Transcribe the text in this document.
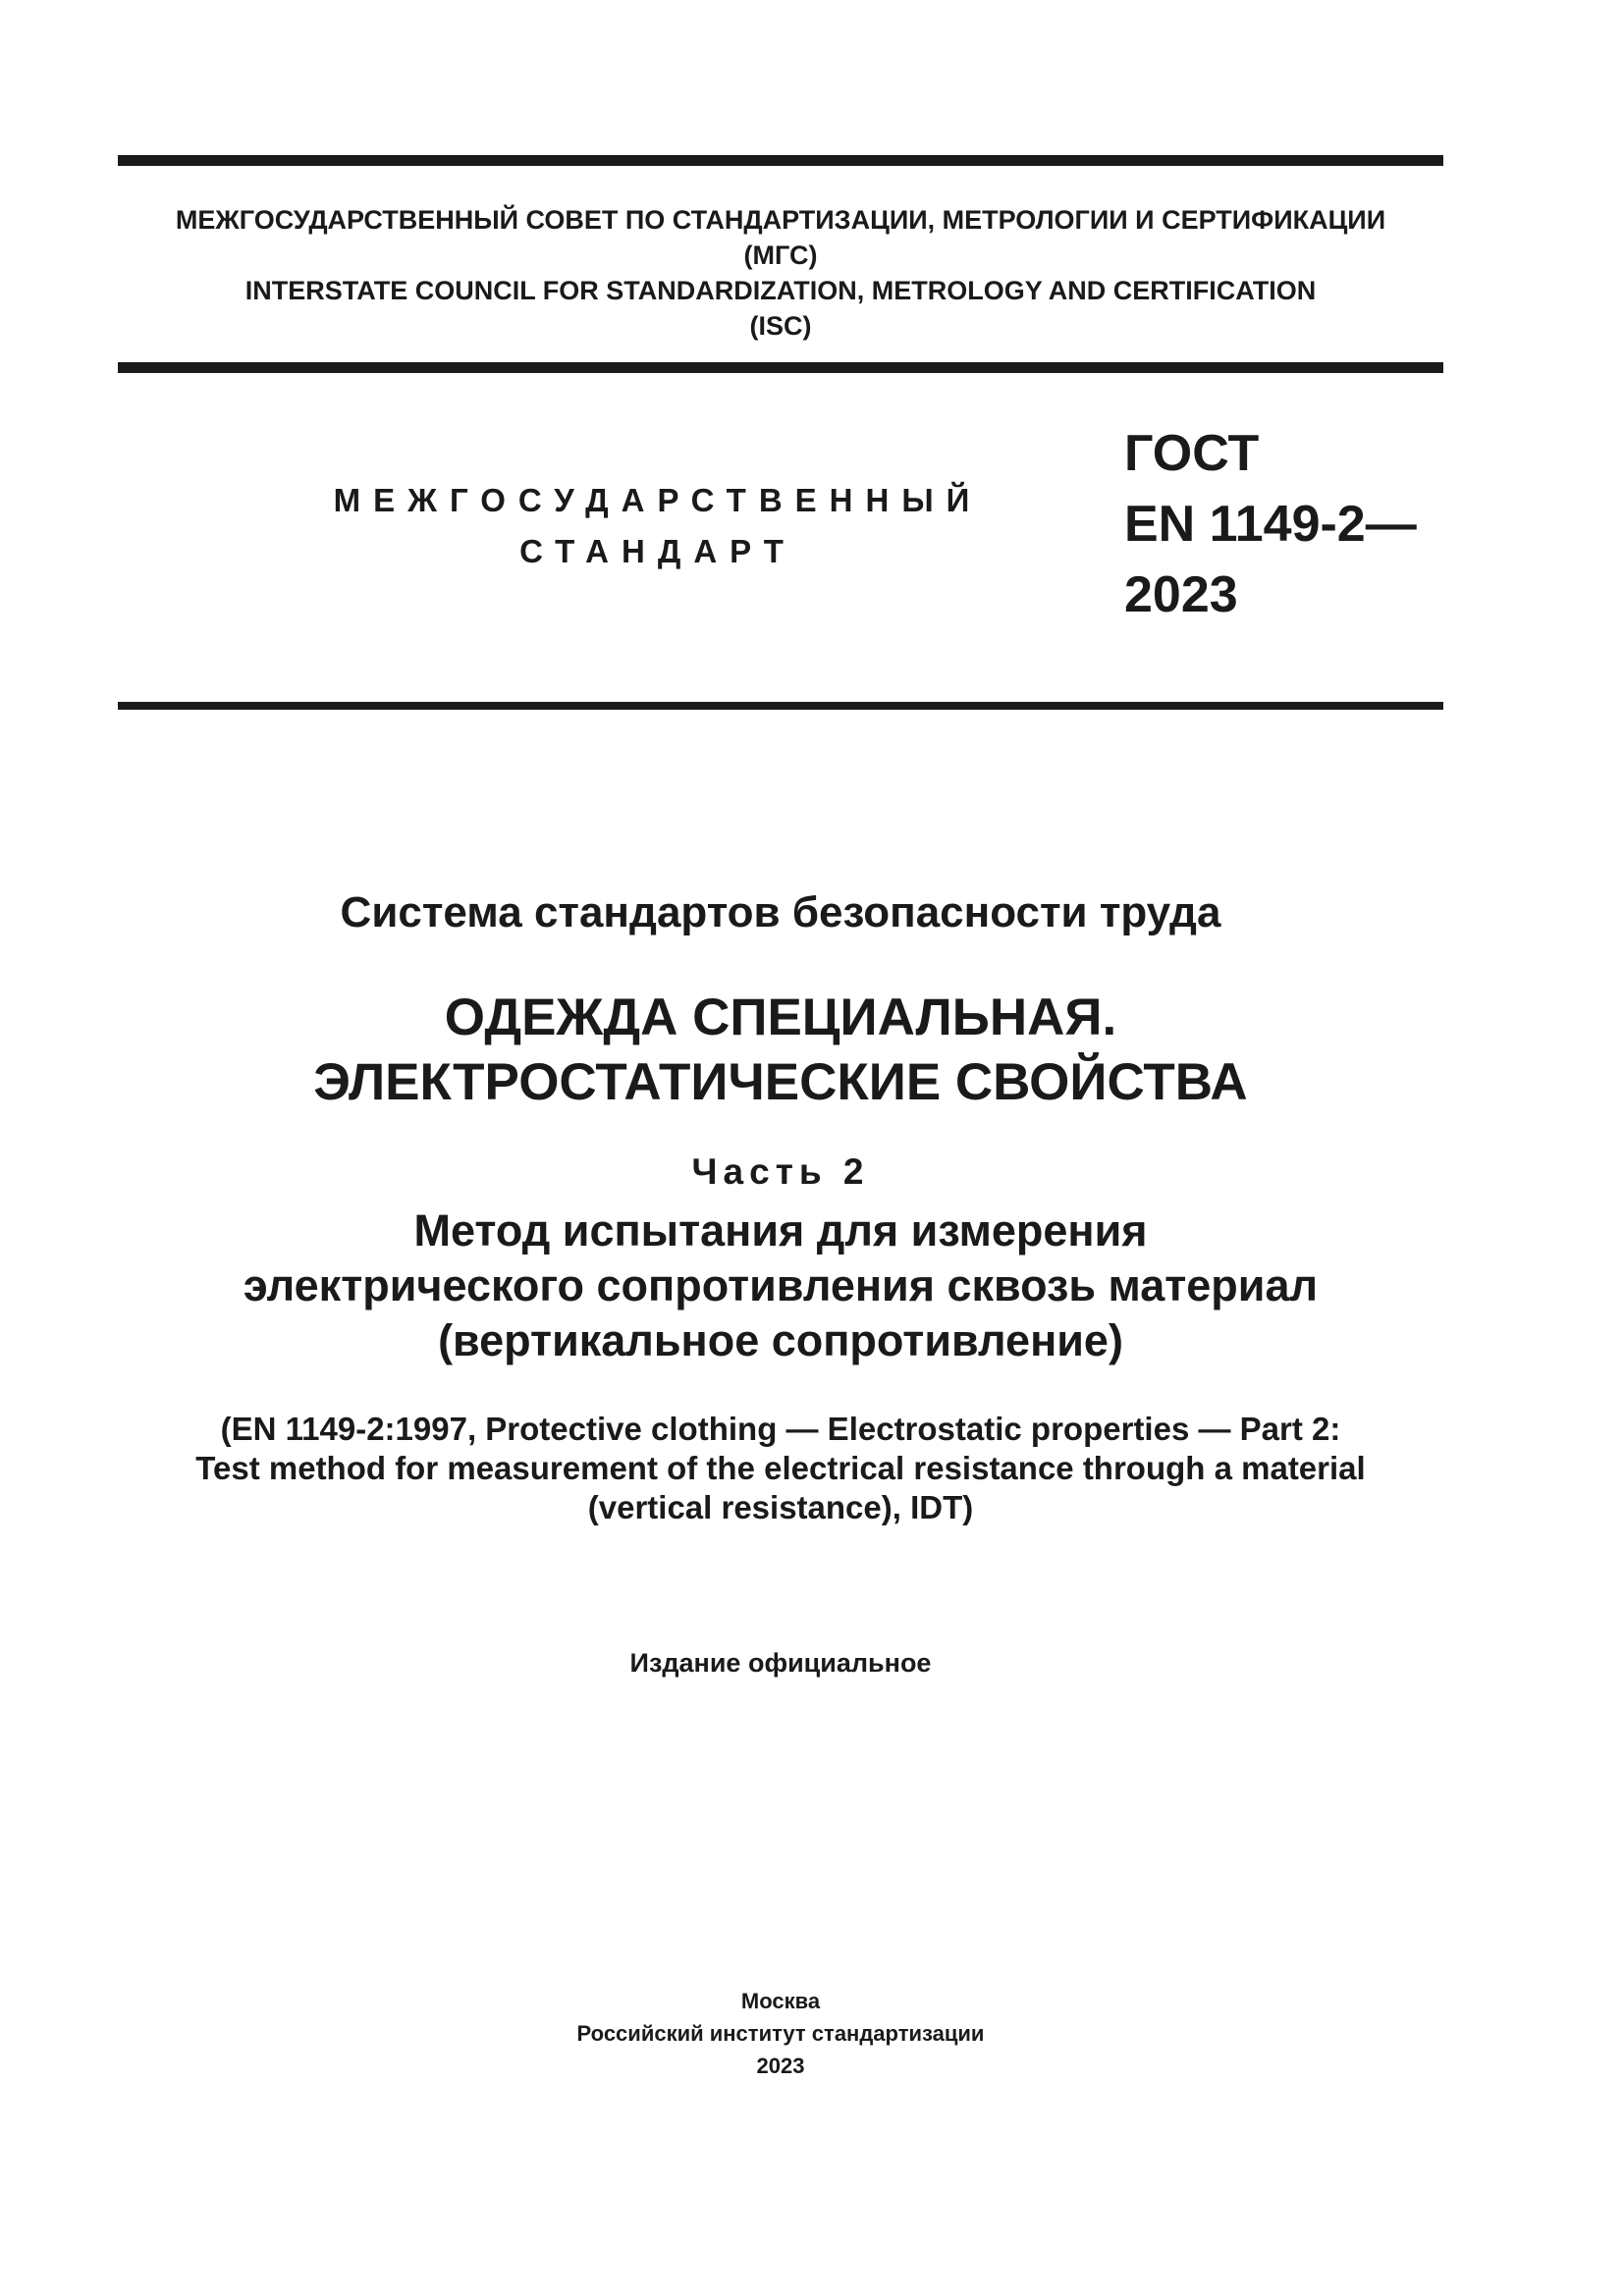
МЕЖГОСУДАРСТВЕННЫЙ СОВЕТ ПО СТАНДАРТИЗАЦИИ, МЕТРОЛОГИИ И СЕРТИФИКАЦИИ
(МГС)
INTERSTATE COUNCIL FOR STANDARDIZATION, METROLOGY AND CERTIFICATION
(ISC)
МЕЖГОСУДАРСТВЕННЫЙ
СТАНДАРТ
ГОСТ
EN 1149-2—
2023
Система стандартов безопасности труда
ОДЕЖДА СПЕЦИАЛЬНАЯ.
ЭЛЕКТРОСТАТИЧЕСКИЕ СВОЙСТВА
Часть 2
Метод испытания для измерения
электрического сопротивления сквозь материал
(вертикальное сопротивление)
(EN 1149-2:1997, Protective clothing — Electrostatic properties — Part 2:
Test method for measurement of the electrical resistance through a material
(vertical resistance), IDT)
Издание официальное
Москва
Российский институт стандартизации
2023
